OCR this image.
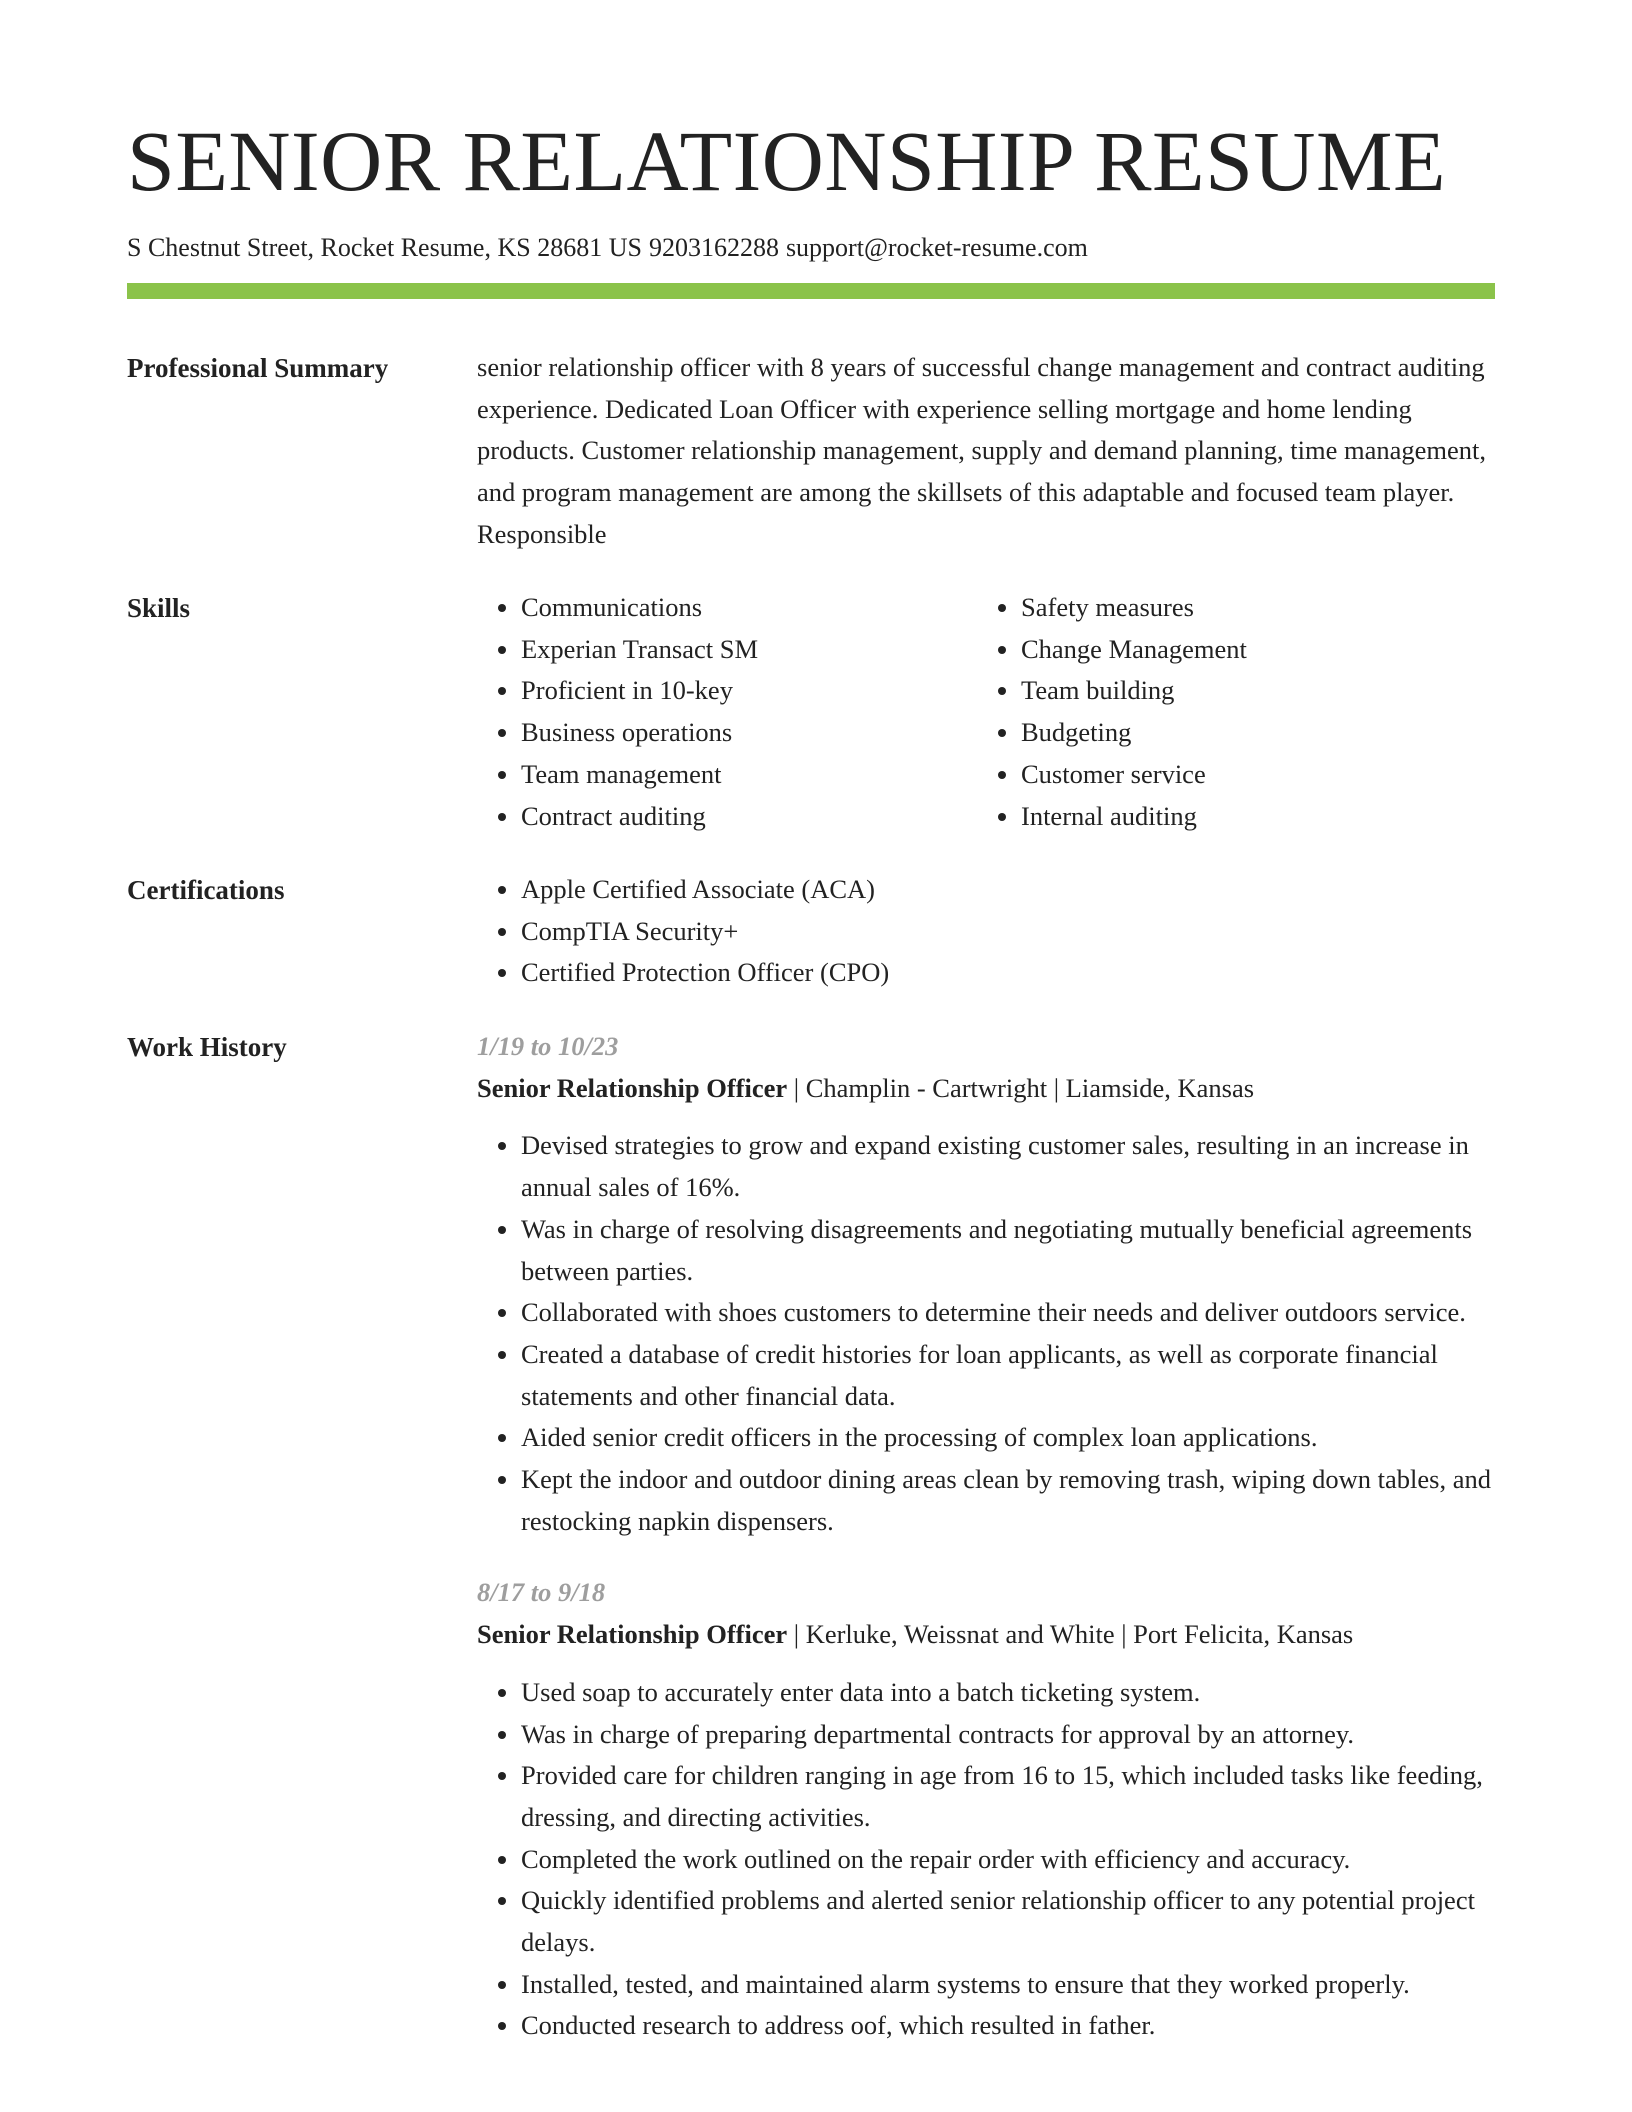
SENIOR RELATIONSHIP RESUME
S Chestnut Street, Rocket Resume, KS 28681 US 9203162288 support@rocket-resume.com
Professional Summary	senior relationship officer with 8 years of successful change management and contract auditing experience. Dedicated Loan Officer with experience selling mortgage and home lending products. Customer relationship management, supply and demand planning, time management, and program management are among the skillsets of this adaptable and focused team player. Responsible

Skills	• Communications
• Experian Transact SM
• Proficient in 10-key
• Business operations
• Team management
• Contract auditing
• Safety measures
• Change Management
• Team building
• Budgeting
• Customer service
• Internal auditing
Certifications	• Apple Certified Associate (ACA)
• CompTIA Security+
• Certified Protection Officer (CPO)
Work History	1/19 to 10/23
Senior Relationship Officer | Champlin - Cartwright | Liamside, Kansas
• Devised strategies to grow and expand existing customer sales, resulting in an increase in annual sales of 16%.
• Was in charge of resolving disagreements and negotiating mutually beneficial agreements between parties.
• Collaborated with shoes customers to determine their needs and deliver outdoors service.
• Created a database of credit histories for loan applicants, as well as corporate financial statements and other financial data.
• Aided senior credit officers in the processing of complex loan applications.
• Kept the indoor and outdoor dining areas clean by removing trash, wiping down tables, and restocking napkin dispensers.
8/17 to 9/18
Senior Relationship Officer | Kerluke, Weissnat and White | Port Felicita, Kansas
• Used soap to accurately enter data into a batch ticketing system.
• Was in charge of preparing departmental contracts for approval by an attorney.
• Provided care for children ranging in age from 16 to 15, which included tasks like feeding, dressing, and directing activities.
• Completed the work outlined on the repair order with efficiency and accuracy.
• Quickly identified problems and alerted senior relationship officer to any potential project delays.
• Installed, tested, and maintained alarm systems to ensure that they worked properly.
• Conducted research to address oof, which resulted in father.
